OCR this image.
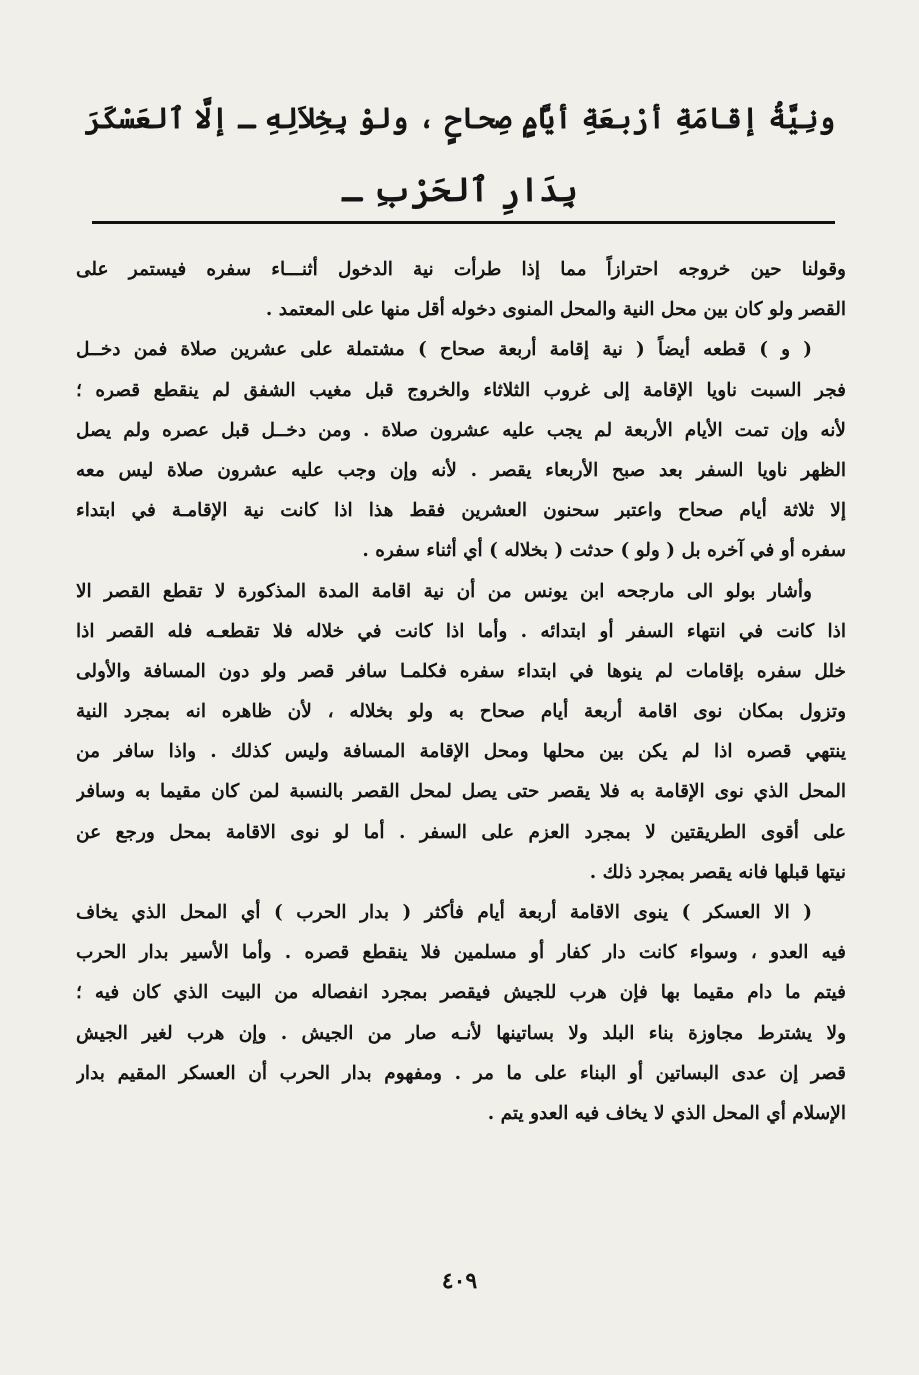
ونِيَّةُ إقامَةِ أرْبعَةِ أيَّامٍ صِحاحٍ ، ولوْ بِخِلاَلِهِ ـ إلَّا ٱلعَسْكَرَ
بِدَارِ ٱلحَرْبِ ـ
وقولنا حين خروجه احترازاً مما إذا طرأت نية الدخول أثنـــاء سفره فيستمر على
القصر ولو كان بين محل النية والمحل المنوى دخوله أقل منها على المعتمد .
( و ) قطعه أيضاً ( نية إقامة أربعة صحاح ) مشتملة على عشرين صلاة فمن دخــل
فجر السبت ناويا الإقامة إلى غروب الثلاثاء والخروج قبل مغيب الشفق لم ينقطع قصره ؛
لأنه وإن تمت الأيام الأربعة لم يجب عليه عشرون صلاة . ومن دخــل قبل عصره ولم يصل
الظهر ناويا السفر بعد صبح الأربعاء يقصر . لأنه وإن وجب عليه عشرون صلاة ليس معه
إلا ثلاثة أيام صحاح واعتبر سحنون العشرين فقط هذا اذا كانت نية الإقامـة في ابتداء
سفره أو في آخره بل ( ولو ) حدثت ( بخلاله ) أي أثناء سفره .
وأشار بولو الى مارجحه ابن يونس من أن نية اقامة المدة المذكورة لا تقطع القصر الا
اذا كانت في انتهاء السفر أو ابتدائه . وأما اذا كانت في خلاله فلا تقطعـه فله القصر اذا
خلل سفره بإقامات لم ينوها في ابتداء سفره فكلمـا سافر قصر ولو دون المسافة والأولى
وتزول بمكان نوى اقامة أربعة أيام صحاح به ولو بخلاله ، لأن ظاهره انه بمجرد النية
ينتهي قصره اذا لم يكن بين محلها ومحل الإقامة المسافة وليس كذلك . واذا سافر من
المحل الذي نوى الإقامة به فلا يقصر حتى يصل لمحل القصر بالنسبة لمن كان مقيما به وسافر
على أقوى الطريقتين لا بمجرد العزم على السفر . أما لو نوى الاقامة بمحل ورجع عن
نيتها قبلها فانه يقصر بمجرد ذلك .
( الا العسكر ) ينوى الاقامة أربعة أيام فأكثر ( بدار الحرب ) أي المحل الذي يخاف
فيه العدو ، وسواء كانت دار كفار أو مسلمين فلا ينقطع قصره . وأما الأسير بدار الحرب
فيتم ما دام مقيما بها فإن هرب للجيش فيقصر بمجرد انفصاله من البيت الذي كان فيه ؛
ولا يشترط مجاوزة بناء البلد ولا بساتينها لأنـه صار من الجيش . وإن هرب لغير الجيش
قصر إن عدى البساتين أو البناء على ما مر . ومفهوم بدار الحرب أن العسكر المقيم بدار
الإسلام أي المحل الذي لا يخاف فيه العدو يتم .
٤٠٩
